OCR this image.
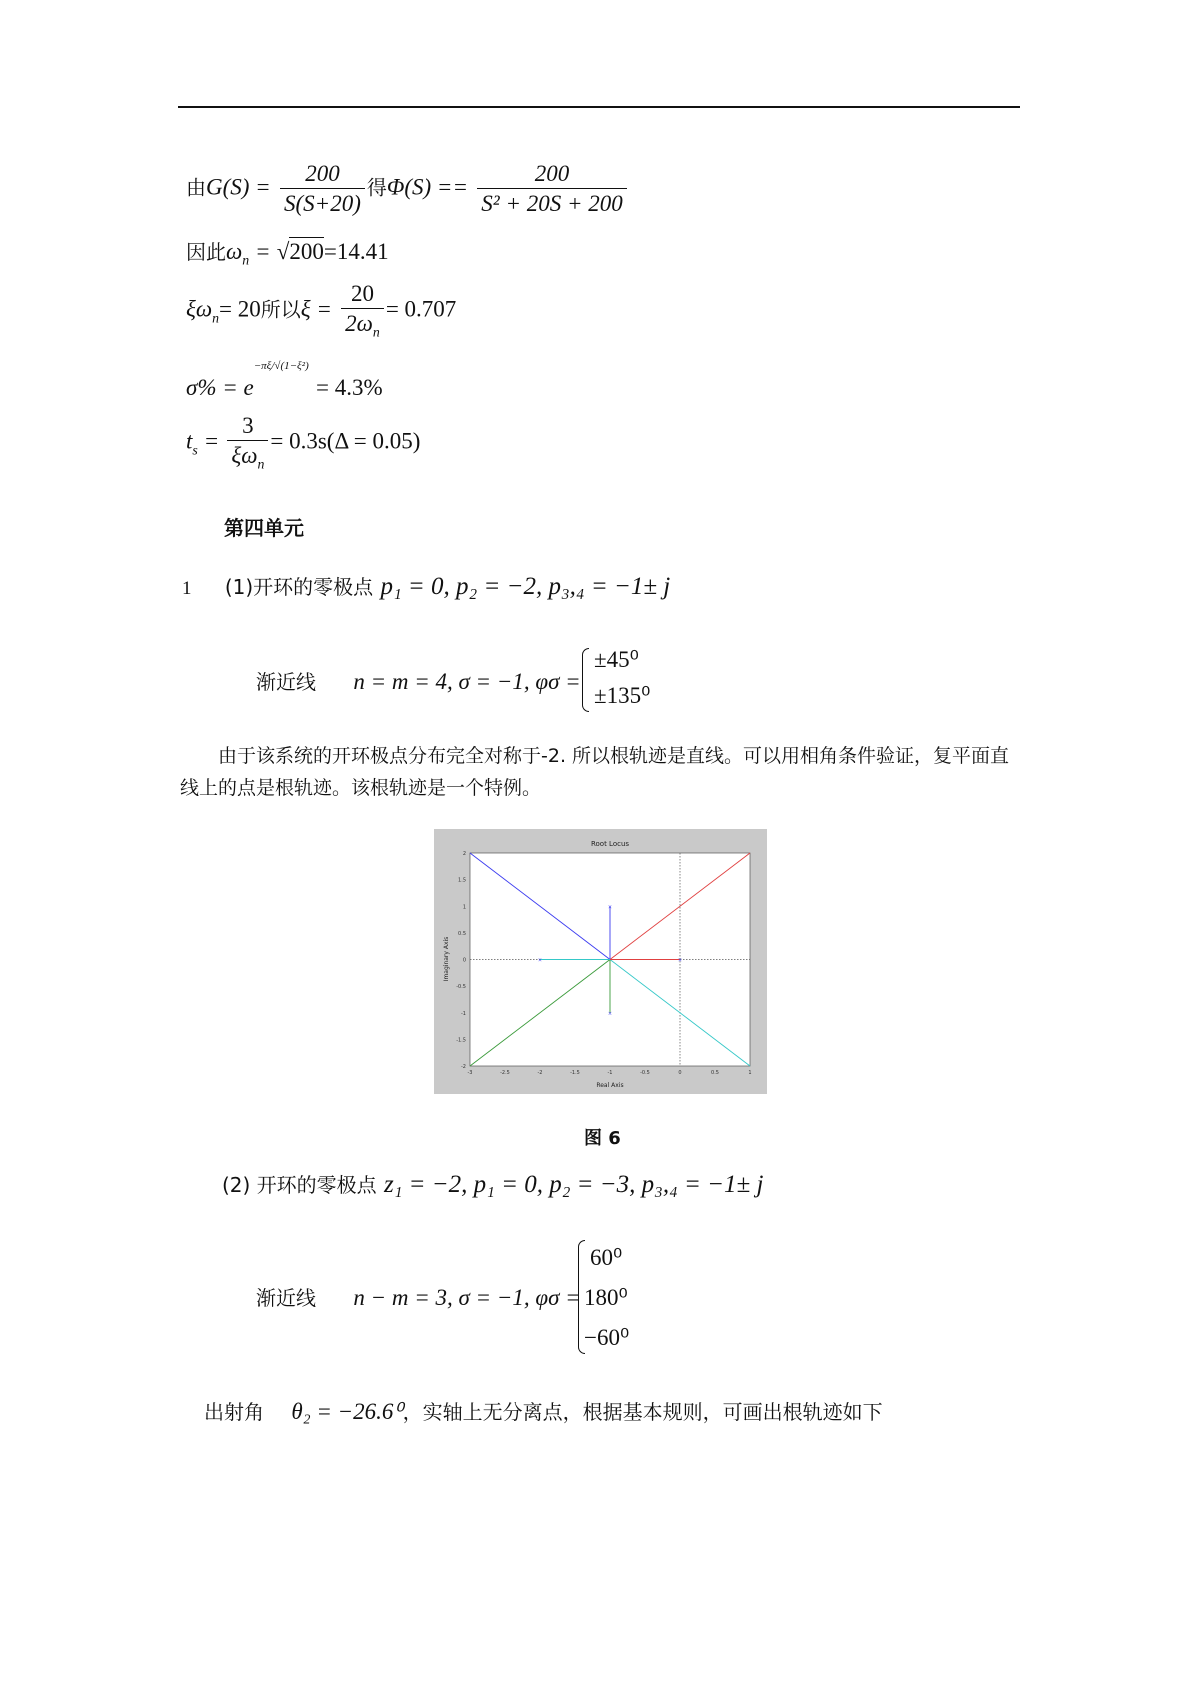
由$G(S) = \frac{200}{S(S+20)}$ 得$\Phi(S) == \frac{200}{\text{S² + 20S + 200}}$
因此$\omega_n = √200=14.41$
$\xi\omega_n= 20$所以$\xi = \frac{20}{2\omega_n} = 0.707$
$\sigma\% = e^{-\pi\xi/√(1-\xi^2)} = 4.3\%$
$t_s = \frac{3}{\xi\omega_n} = 0.3s(\Delta = 0.05)$
第四单元
1 (1)开环的零极点 p₁ = 0, p₂ = −2, p₃,₄ = −1± j
渐近线 n = m = 4, σ = −1, φσ =
±45⁰
±135⁰
由于该系统的开环极点分布完全对称于-2. 所以根轨迹是直线。可以用相角条件验证，复平面直线上的点是根轨迹。该根轨迹是一个特例。
Root Locus
Real Axis
Imaginary Axis
-3	-2.5	-2	-1.5	-1	-0.5	0	0.5	1
2
1.5
1
0.5
0
-0.5
-1
-1.5
-2
×
×
×
×
图 6
(2) 开环的零极点 z₁ = −2, p₁ = 0, p₂ = −3, p₃,₄ = −1± j
渐近线 n − m = 3, σ = −1, φσ =
60⁰
180⁰
−60⁰
出射角 θ₂ = −26.6⁰，实轴上无分离点，根据基本规则，可画出根轨迹如下
